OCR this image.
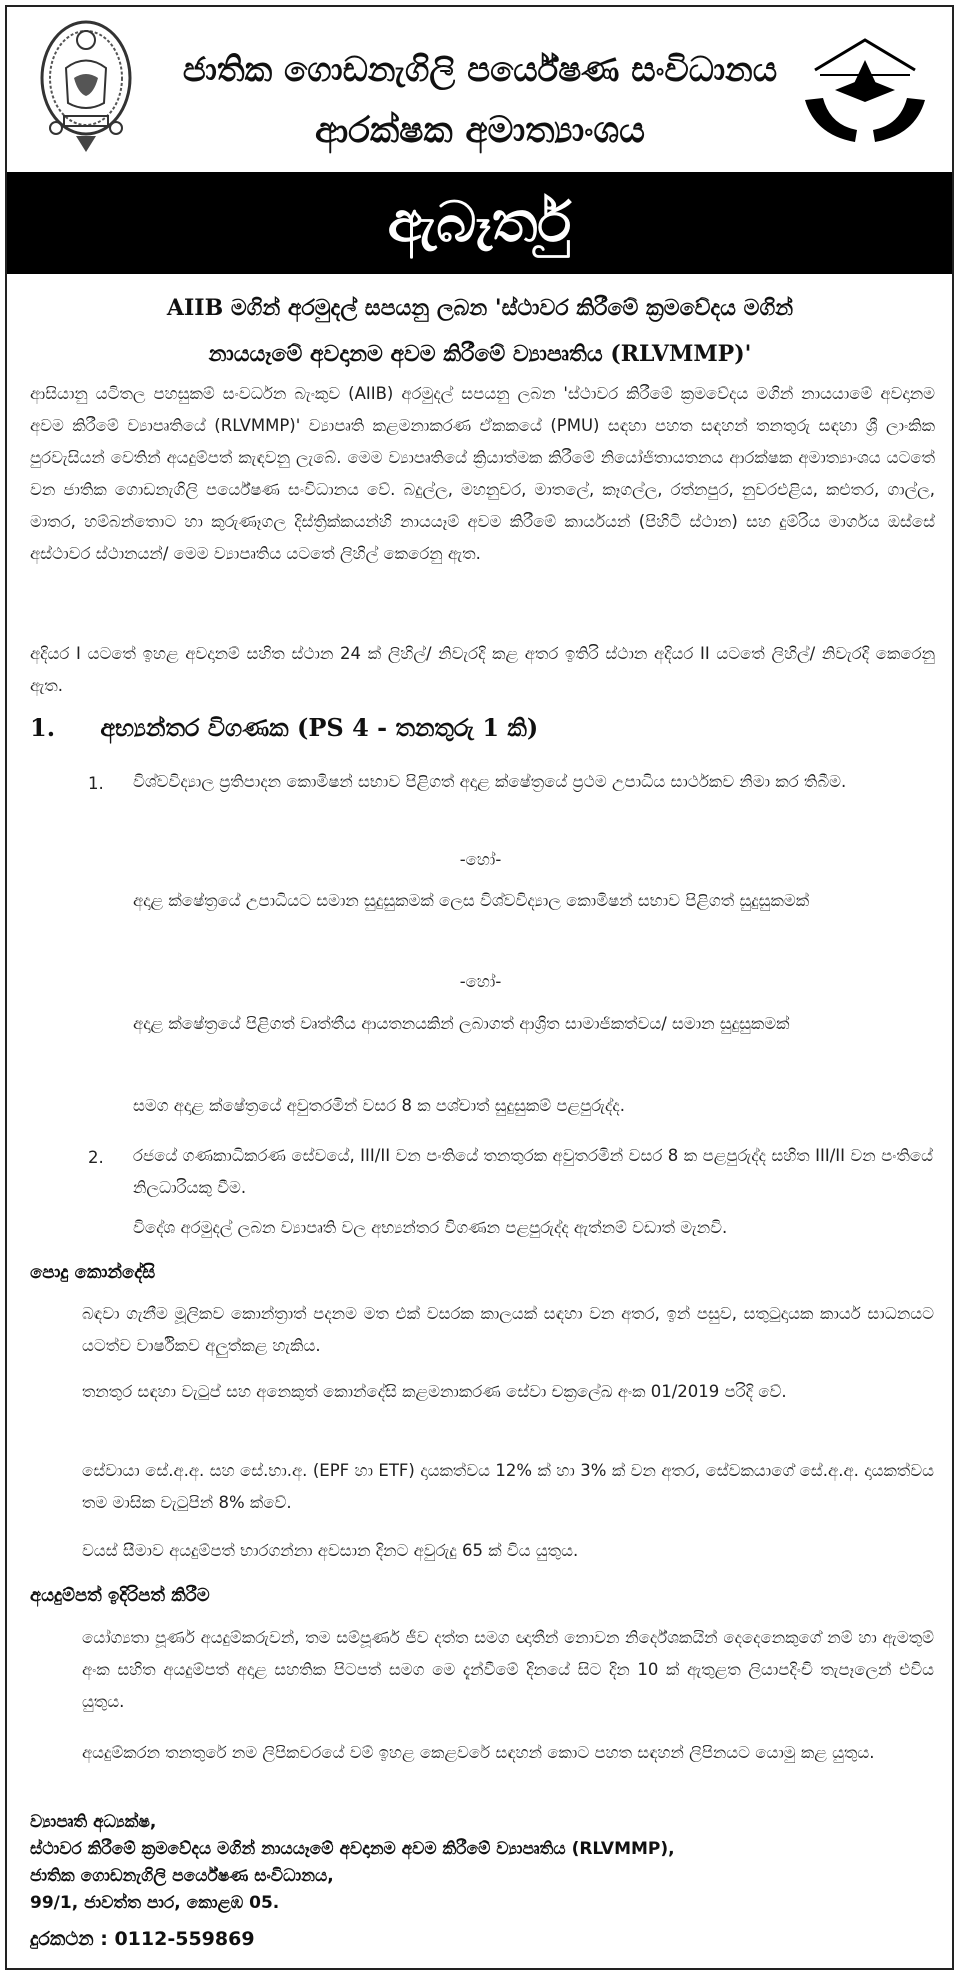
ජාතික ගොඩනැගිලි පර්යේෂණ සංවිධානය
ආරක්ෂක අමාත්‍යාංශය
ඇබෑර්තු
AIIB මගින් අරමුදල් සපයනු ලබන 'ස්ථාවර කිරීමේ ක්‍රමවේදය මගින්
නායයෑමේ අවදානම අවම කිරීමේ ව්‍යාපෘතිය (RLVMMP)'
ආසියානු යටිතල පහසුකම් සංවර්ධන බැංකුව (AIIB) අරමුදල් සපයනු ලබන 'ස්ථාවර කිරීමේ ක්‍රමවේදය මගින් නායයාමේ අවදානම අවම කිරීමේ ව්‍යාපෘතියේ (RLVMMP)' ව්‍යාපෘති කළමනාකරණ ඒකකයේ (PMU) සඳහා පහත සඳහන් තනතුරු සඳහා ශ්‍රී ලාංකික පුරවැසියන් වෙතින් අයදුම්පත් කැඳවනු ලැබේ. මෙම ව්‍යාපෘතියේ ක්‍රියාත්මක කිරීමේ නියෝජිතායතනය ආරක්ෂක අමාත්‍යාංශය යටතේ වන ජාතික ගොඩනැගිලි පර්යේෂණ සංවිධානය වේ. බදුල්ල, මහනුවර, මාතලේ, කෑගල්ල, රත්නපුර, නුවරඑළිය, කළුතර, ගාල්ල, මාතර, හම්බන්තොට හා කුරුණෑගල දිස්ත්‍රික්කයන්හි නායයෑම් අවම කිරීමේ කාර්යයන් (පිහිටි ස්ථාන) සහ දුම්රිය මාර්ගය ඔස්සේ අස්ථාවර ස්ථානයන්/ මෙම ව්‍යාපෘතිය යටතේ ලිහිල් කෙරෙනු ඇත.
අදියර I යටතේ ඉහළ අවදානම් සහිත ස්ථාන 24 ක් ලිහිල්/ නිවැරදි කළ අතර ඉතිරි ස්ථාන අදියර II යටතේ ලිහිල්/ නිවැරදි කෙරෙනු ඇත.
1. අභ්‍යන්තර විගණක (PS 4 - තනතුරු 1 කි)
1. විශ්වවිද්‍යාල ප්‍රතිපාදන කොමිෂන් සභාව පිළිගත් අදාළ ක්ෂේත්‍රයේ ප්‍රථම උපාධිය සාර්ථකව නිමා කර තිබීම.
-හෝ-
අදාළ ක්ෂේත්‍රයේ උපාධියට සමාන සුදුසුකමක් ලෙස විශ්වවිද්‍යාල කොමිෂන් සභාව පිළිගත් සුදුසුකමක්
-හෝ-
අදාළ ක්ෂේත්‍රයේ පිළිගත් වෘත්තීය ආයතනයකින් ලබාගත් ආශ්‍රිත සාමාජිකත්වය/ සමාන සුදුසුකමක්
සමග අදාළ ක්ෂේත්‍රයේ අවුතරමින් වසර 8 ක පශ්චාත් සුදුසුකම් පළපුරුද්ද.
2. රජයේ ගණකාධිකරණ සේවයේ, III/II වන පංතියේ තනතුරක අවුතරමින් වසර 8 ක පළපුරුද්ද සහිත III/II වන පංතියේ නිලධාරියකු වීම.
විදේශ අරමුදල් ලබන ව්‍යාපෘති වල අභ්‍යන්තර විගණන පළපුරුද්ද ඇත්නම් වඩාත් මැනවි.
පොදු කොන්දේසි
බඳවා ගැනීම මූලිකව කොන්ත්‍රාත් පදනම මත එක් වසරක කාලයක් සඳහා වන අතර, ඉන් පසුව, සතුටුදායක කාර්ය සාධනයට යටත්ව වාර්ෂිකව අලුත්කළ හැකිය.
තනතුර සඳහා වැටුප් සහ අනෙකුත් කොන්දේසි කළමනාකරණ සේවා චක්‍රලේඛ අංක 01/2019 පරිදි වේ.
සේවායා සේ.අ.අ. සහ සේ.භා.අ. (EPF හා ETF) දායකත්වය 12% ක් හා 3% ක් වන අතර, සේවකයාගේ සේ.අ.අ. දායකත්වය තම මාසික වැටුපින් 8% ක්වේ.
වයස් සීමාව අයදුම්පත් භාරගන්නා අවසාන දිනට අවුරුදු 65 ක් විය යුතුය.
අයදුම්පත් ඉදිරිපත් කිරීම
යෝග්‍යතා පූර්ණ අයදුම්කරුවන්, තම සම්පූර්ණ ජීව දත්ත සමග ඥාතීන් නොවන නිර්දේශකයින් දෙදෙනෙකුගේ නම් හා ඇමතුම් අංක සහිත අයදුම්පත් අදාළ සහතික පිටපත් සමග මෙ දැන්වීමේ දිනයේ සිට දින 10 ක් ඇතුළත ලියාපදිංචි තැපෑලෙන් එවිය යුතුය.
අයදුම්කරන තනතුරේ නම ලිපිකවරයේ වම් ඉහළ කෙළවරේ සඳහන් කොට පහත සඳහන් ලිපිනයට යොමු කළ යුතුය.
ව්‍යාපෘති අධ්‍යක්ෂ,
ස්ථාවර කිරීමේ ක්‍රමවේදය මගින් නායයෑමේ අවදානම අවම කිරීමේ ව්‍යාපෘතිය (RLVMMP),
ජාතික ගොඩනැගිලි පර්යේෂණ සංවිධානය,
99/1, ජාවත්ත පාර, කොළඹ 05.
දුරකථන : 0112-559869
